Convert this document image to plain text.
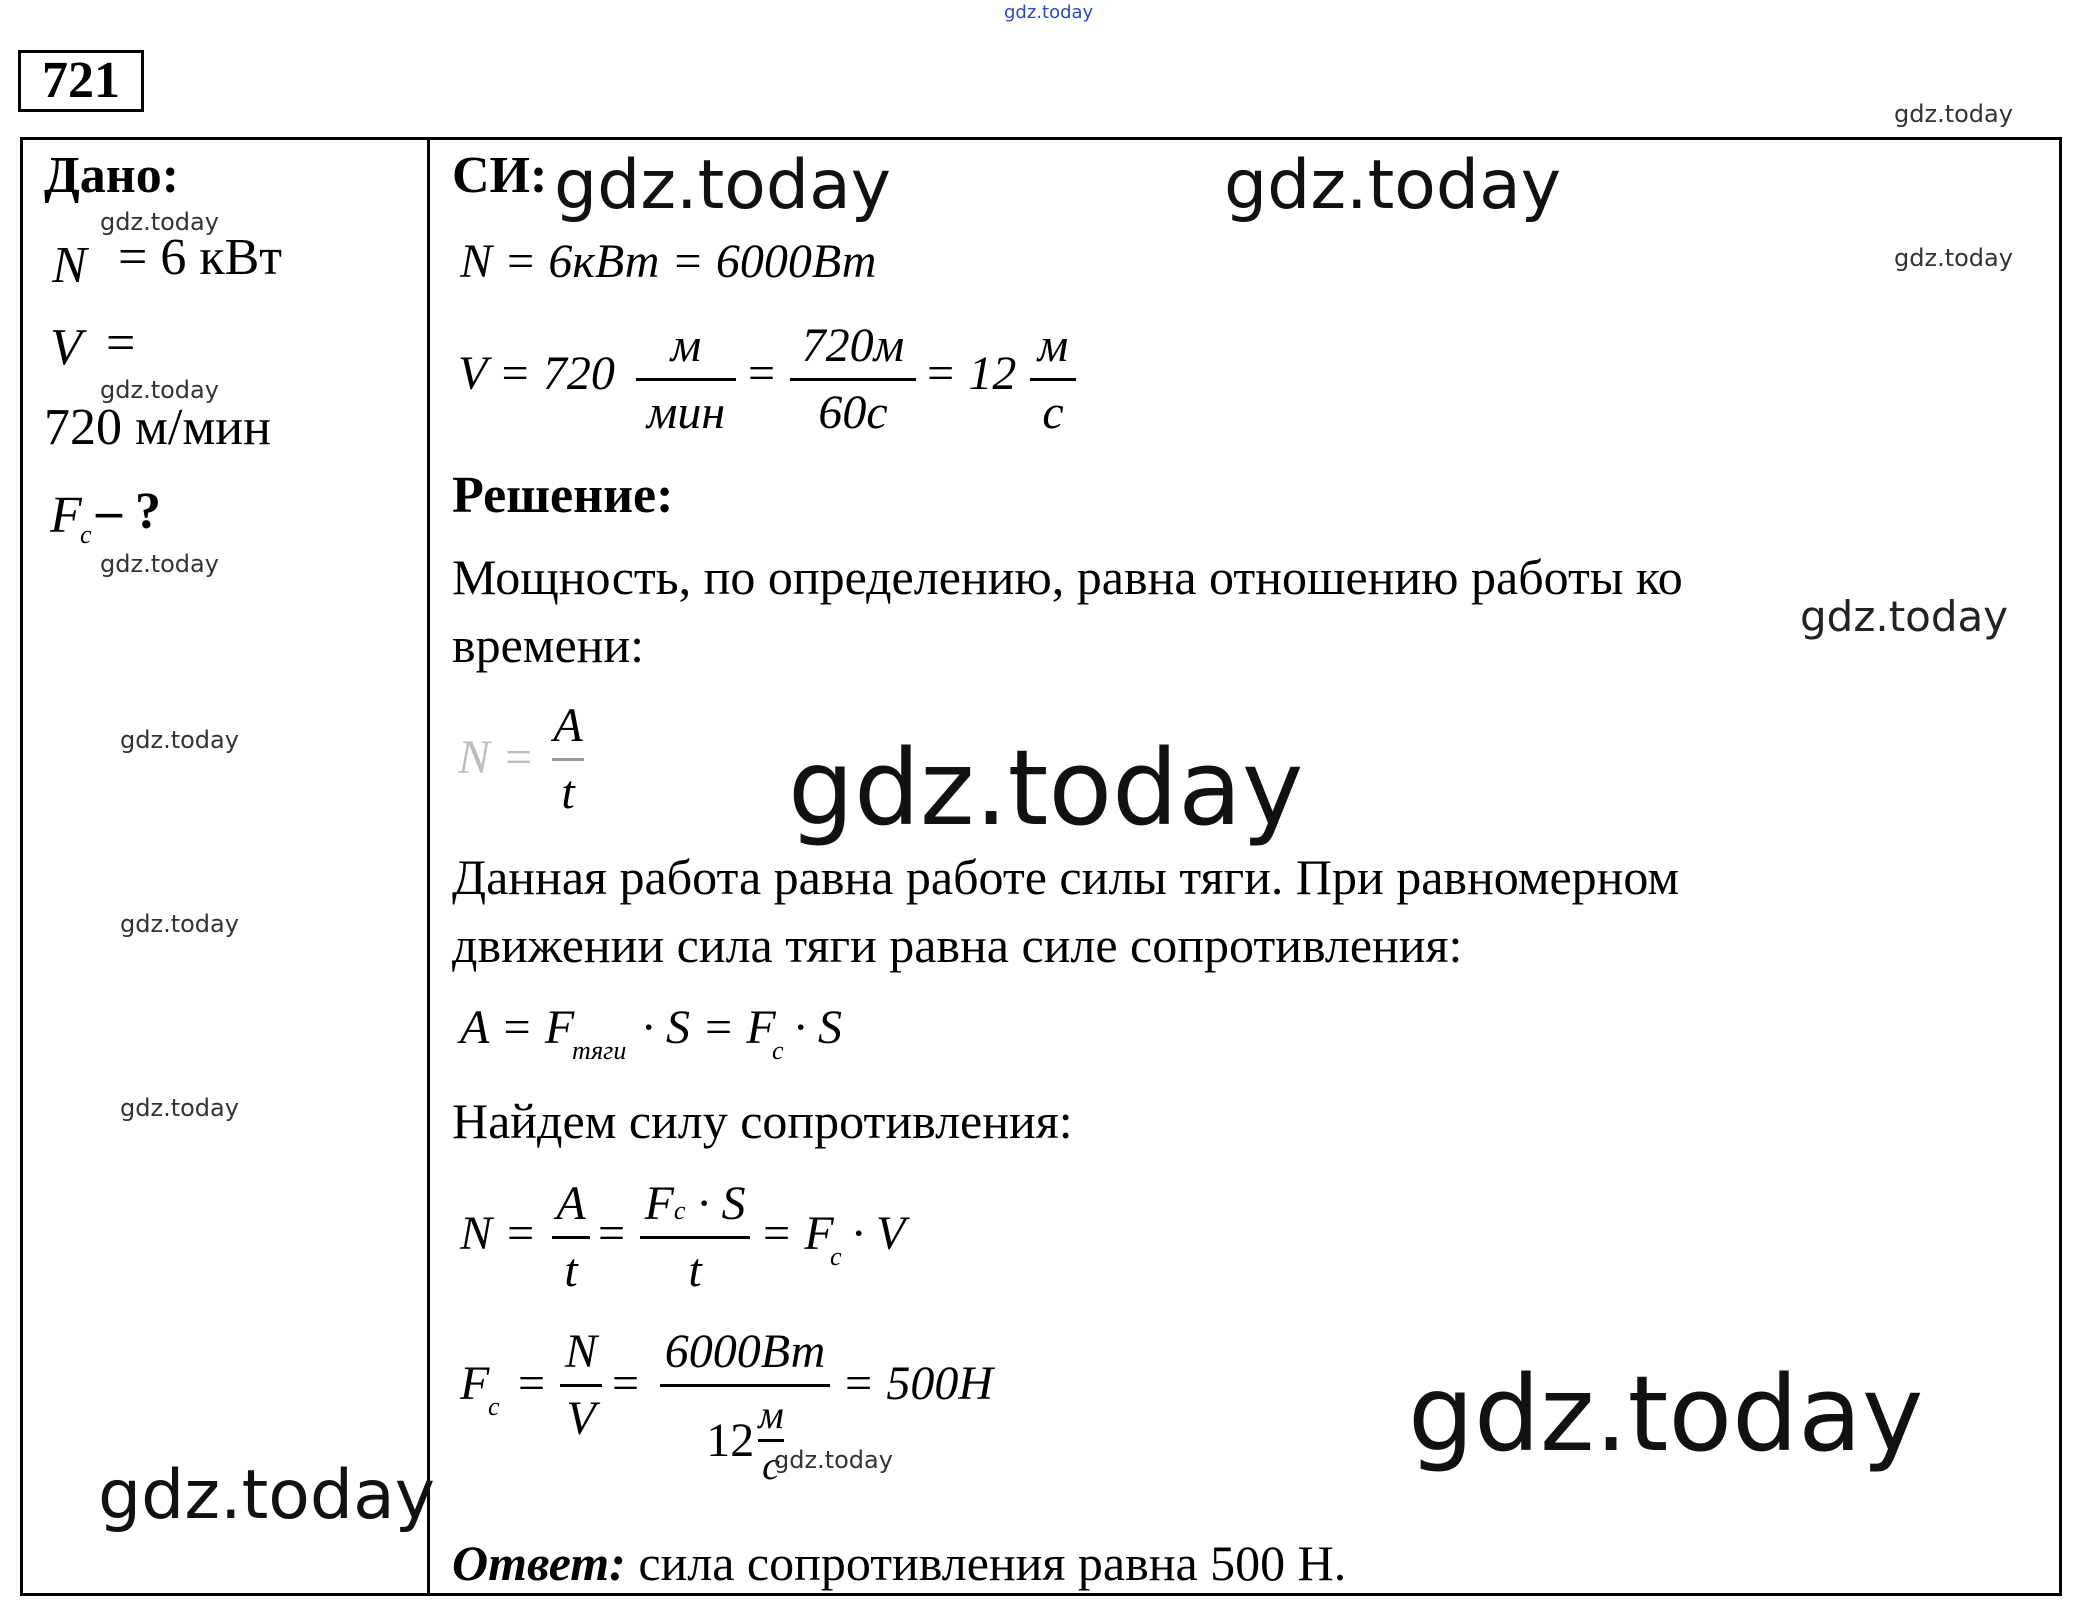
gdz.today
721
Дано:
N = 6 кВт
V =
720 м/мин
F
c – ?
СИ:
N = 6кВт = 6000Вт
V = 720
м
мин
=
720м
60с
= 12
м
с
Решение:
Мощность, по определению, равна отношению работы ко
времени:
N =
A
t
Данная работа равна работе силы тяги. При равномерном
движении сила тяги равна силе сопротивления:
A = F
тяги · S = F
c · S
Найдем силу сопротивления:
N =
A
t
=
Fc · S
t
= F
c · V
F
c =
N
V
=
6000Вт
$12 \frac{м}{с}$
= 500H
Ответ: сила сопротивления равна 500 Н.
gdz.today
gdz.today
gdz.today	gdz.today
gdz.today
gdz.today
gdz.today
gdz.today
gdz.today
gdz.today
gdz.today
gdz.today
gdz.today
gdz.today	gdz.today
